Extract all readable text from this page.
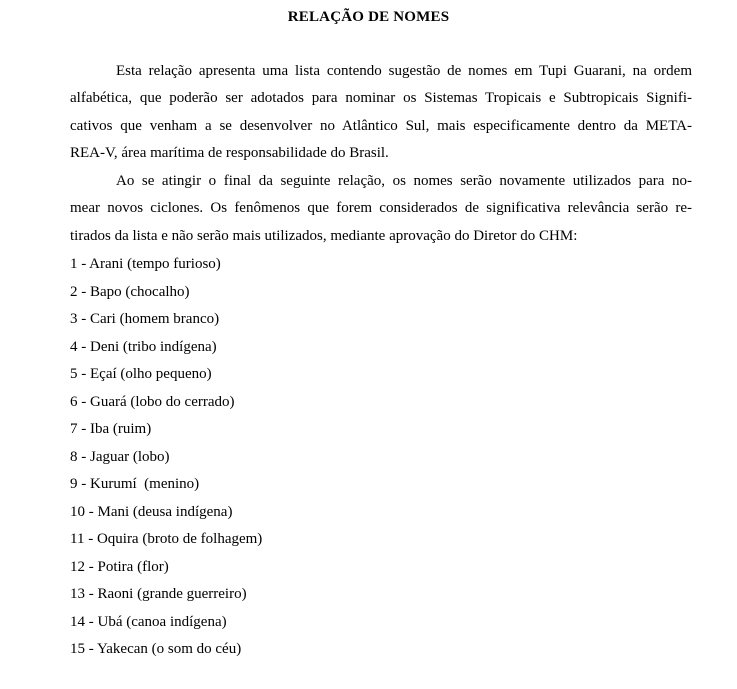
RELAÇÃO DE NOMES
Esta relação apresenta uma lista contendo sugestão de nomes em Tupi Guarani, na ordem
alfabética, que poderão ser adotados para nominar os Sistemas Tropicais e Subtropicais Signifi-
cativos que venham a se desenvolver no Atlântico Sul, mais especificamente dentro da META-
REA-V, área marítima de responsabilidade do Brasil.
Ao se atingir o final da seguinte relação, os nomes serão novamente utilizados para no-
mear novos ciclones. Os fenômenos que forem considerados de significativa relevância serão re-
tirados da lista e não serão mais utilizados, mediante aprovação do Diretor do CHM:
1 - Arani (tempo furioso)
2 - Bapo (chocalho)
3 - Cari (homem branco)
4 - Deni (tribo indígena)
5 - Eçaí (olho pequeno)
6 - Guará (lobo do cerrado)
7 - Iba (ruim)
8 - Jaguar (lobo)
9 - Kurumí  (menino)
10 - Mani (deusa indígena)
11 - Oquira (broto de folhagem)
12 - Potira (flor)
13 - Raoni (grande guerreiro)
14 - Ubá (canoa indígena)
15 - Yakecan (o som do céu)
